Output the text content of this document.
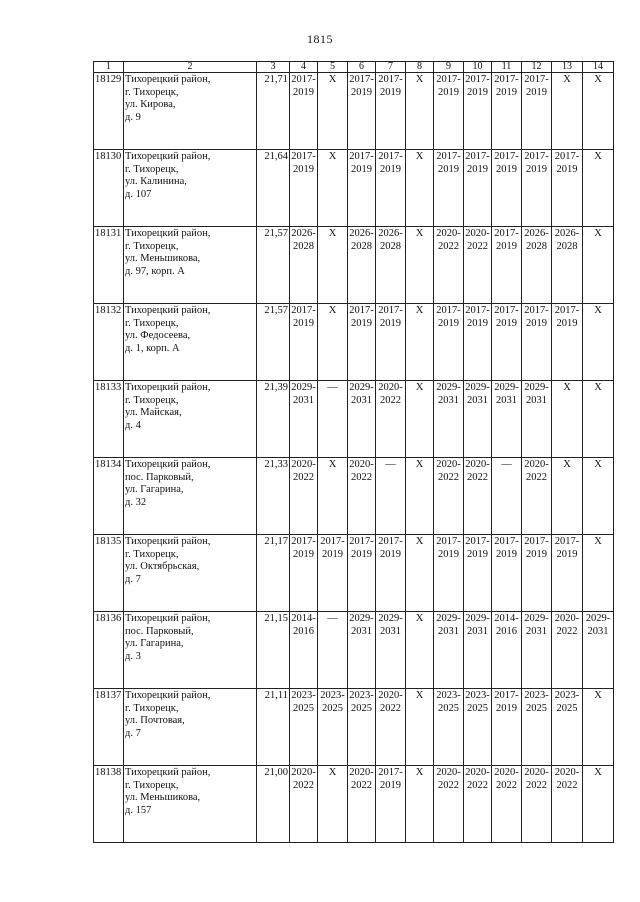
1815
1	2	3	4	5	6	7	8	9	10	11	12	13	14
18129	Тихорецкий район,
г. Тихорецк,
ул. Кирова,
д. 9	21,71	2017-2019	Х	2017-2019	2017-2019	Х	2017-2019	2017-2019	2017-2019	2017-2019	Х	Х
18130	Тихорецкий район,
г. Тихорецк,
ул. Калинина,
д. 107	21,64	2017-2019	Х	2017-2019	2017-2019	Х	2017-2019	2017-2019	2017-2019	2017-2019	2017-2019	Х
18131	Тихорецкий район,
г. Тихорецк,
ул. Меньшикова,
д. 97, корп. А	21,57	2026-2028	Х	2026-2028	2026-2028	Х	2020-2022	2020-2022	2017-2019	2026-2028	2026-2028	Х
18132	Тихорецкий район,
г. Тихорецк,
ул. Федосеева,
д. 1, корп. А	21,57	2017-2019	Х	2017-2019	2017-2019	Х	2017-2019	2017-2019	2017-2019	2017-2019	2017-2019	Х
18133	Тихорецкий район,
г. Тихорецк,
ул. Майская,
д. 4	21,39	2029-2031	—	2029-2031	2020-2022	Х	2029-2031	2029-2031	2029-2031	2029-2031	Х	Х
18134	Тихорецкий район,
пос. Парковый,
ул. Гагарина,
д. 32	21,33	2020-2022	Х	2020-2022	—	Х	2020-2022	2020-2022	—	2020-2022	Х	Х
18135	Тихорецкий район,
г. Тихорецк,
ул. Октябрьская,
д. 7	21,17	2017-2019	2017-2019	2017-2019	2017-2019	Х	2017-2019	2017-2019	2017-2019	2017-2019	2017-2019	Х
18136	Тихорецкий район,
пос. Парковый,
ул. Гагарина,
д. 3	21,15	2014-2016	—	2029-2031	2029-2031	Х	2029-2031	2029-2031	2014-2016	2029-2031	2020-2022	2029-2031
18137	Тихорецкий район,
г. Тихорецк,
ул. Почтовая,
д. 7	21,11	2023-2025	2023-2025	2023-2025	2020-2022	Х	2023-2025	2023-2025	2017-2019	2023-2025	2023-2025	Х
18138	Тихорецкий район,
г. Тихорецк,
ул. Меньшикова,
д. 157	21,00	2020-2022	Х	2020-2022	2017-2019	Х	2020-2022	2020-2022	2020-2022	2020-2022	2020-2022	Х
